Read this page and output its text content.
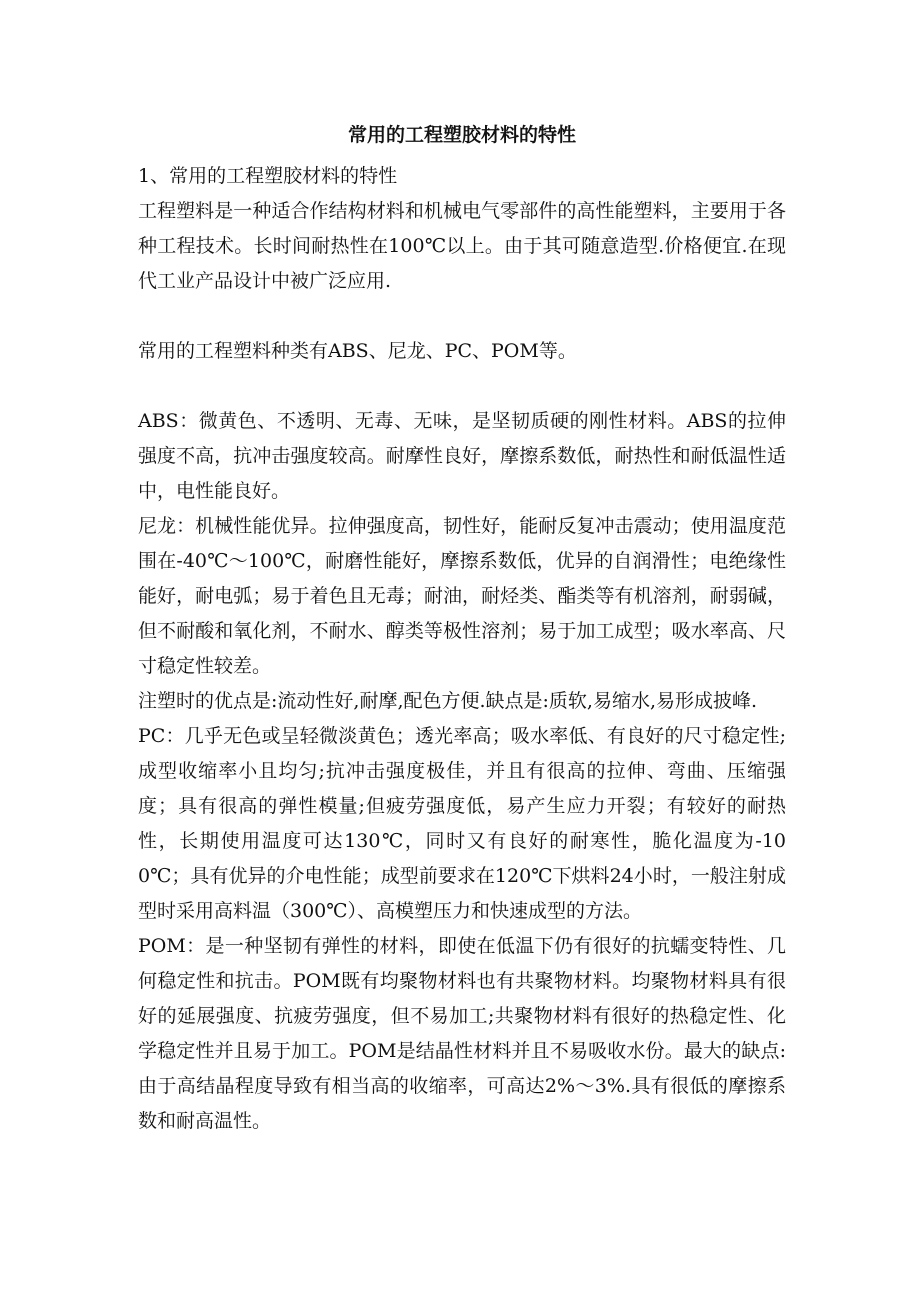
常用的工程塑胶材料的特性

1、常用的工程塑胶材料的特性

工程塑料是一种适合作结构材料和机械电气零部件的高性能塑料，主要用于各种工程技术。长时间耐热性在100℃以上。由于其可随意造型.价格便宜.在现代工业产品设计中被广泛应用.

常用的工程塑料种类有ABS、尼龙、PC、POM等。

ABS：微黄色、不透明、无毒、无味，是坚韧质硬的刚性材料。ABS的拉伸强度不高，抗冲击强度较高。耐摩性良好，摩擦系数低，耐热性和耐低温性适中，电性能良好。

尼龙：机械性能优异。拉伸强度高，韧性好，能耐反复冲击震动；使用温度范围在-40℃～100℃，耐磨性能好，摩擦系数低，优异的自润滑性；电绝缘性能好，耐电弧；易于着色且无毒；耐油，耐烃类、酯类等有机溶剂，耐弱碱，但不耐酸和氧化剂，不耐水、醇类等极性溶剂；易于加工成型；吸水率高、尺寸稳定性较差。

注塑时的优点是:流动性好,耐摩,配色方便.缺点是:质软,易缩水,易形成披峰.

PC：几乎无色或呈轻微淡黄色；透光率高；吸水率低、有良好的尺寸稳定性;成型收缩率小且均匀;抗冲击强度极佳，并且有很高的拉伸、弯曲、压缩强度；具有很高的弹性模量;但疲劳强度低，易产生应力开裂；有较好的耐热性，长期使用温度可达130℃，同时又有良好的耐寒性，脆化温度为-100℃；具有优异的介电性能；成型前要求在120℃下烘料24小时，一般注射成型时采用高料温（300℃）、高模塑压力和快速成型的方法。

POM：是一种坚韧有弹性的材料，即使在低温下仍有很好的抗蠕变特性、几何稳定性和抗击。POM既有均聚物材料也有共聚物材料。均聚物材料具有很好的延展强度、抗疲劳强度，但不易加工;共聚物材料有很好的热稳定性、化学稳定性并且易于加工。POM是结晶性材料并且不易吸收水份。最大的缺点:由于高结晶程度导致有相当高的收缩率，可高达2%～3%.具有很低的摩擦系数和耐高温性。
